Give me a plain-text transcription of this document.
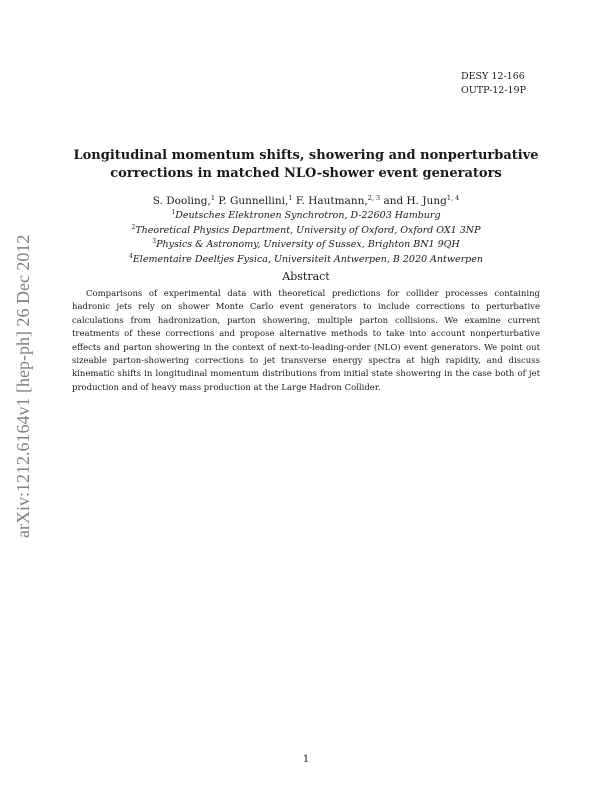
DESY 12-166
OUTP-12-19P
Longitudinal momentum shifts, showering and nonperturbative
corrections in matched NLO-shower event generators
S. Dooling,$^1$ P. Gunnellini,$^1$ F. Hautmann,$^{2, 3}$ and H. Jung$^{1, 4}$
$^1$Deutsches Elektronen Synchrotron, D-22603 Hamburg
$^2$Theoretical Physics Department, University of Oxford, Oxford OX1 3NP
$^3$Physics & Astronomy, University of Sussex, Brighton BN1 9QH
$^4$Elementaire Deeltjes Fysica, Universiteit Antwerpen, B 2020 Antwerpen
Abstract
Comparisons of experimental data with theoretical predictions for collider processes containing hadronic jets rely on shower Monte Carlo event generators to include corrections to perturbative calculations from hadronization, parton showering, multiple parton collisions. We examine current treatments of these corrections and propose alternative methods to take into account nonperturbative effects and parton showering in the context of next-to-leading-order (NLO) event generators. We point out sizeable parton-showering corrections to jet transverse energy spectra at high rapidity, and discuss kinematic shifts in longitudinal momentum distributions from initial state showering in the case both of jet production and of heavy mass production at the Large Hadron Collider.
arXiv:1212.6164v1 [hep-ph] 26 Dec 2012
1
